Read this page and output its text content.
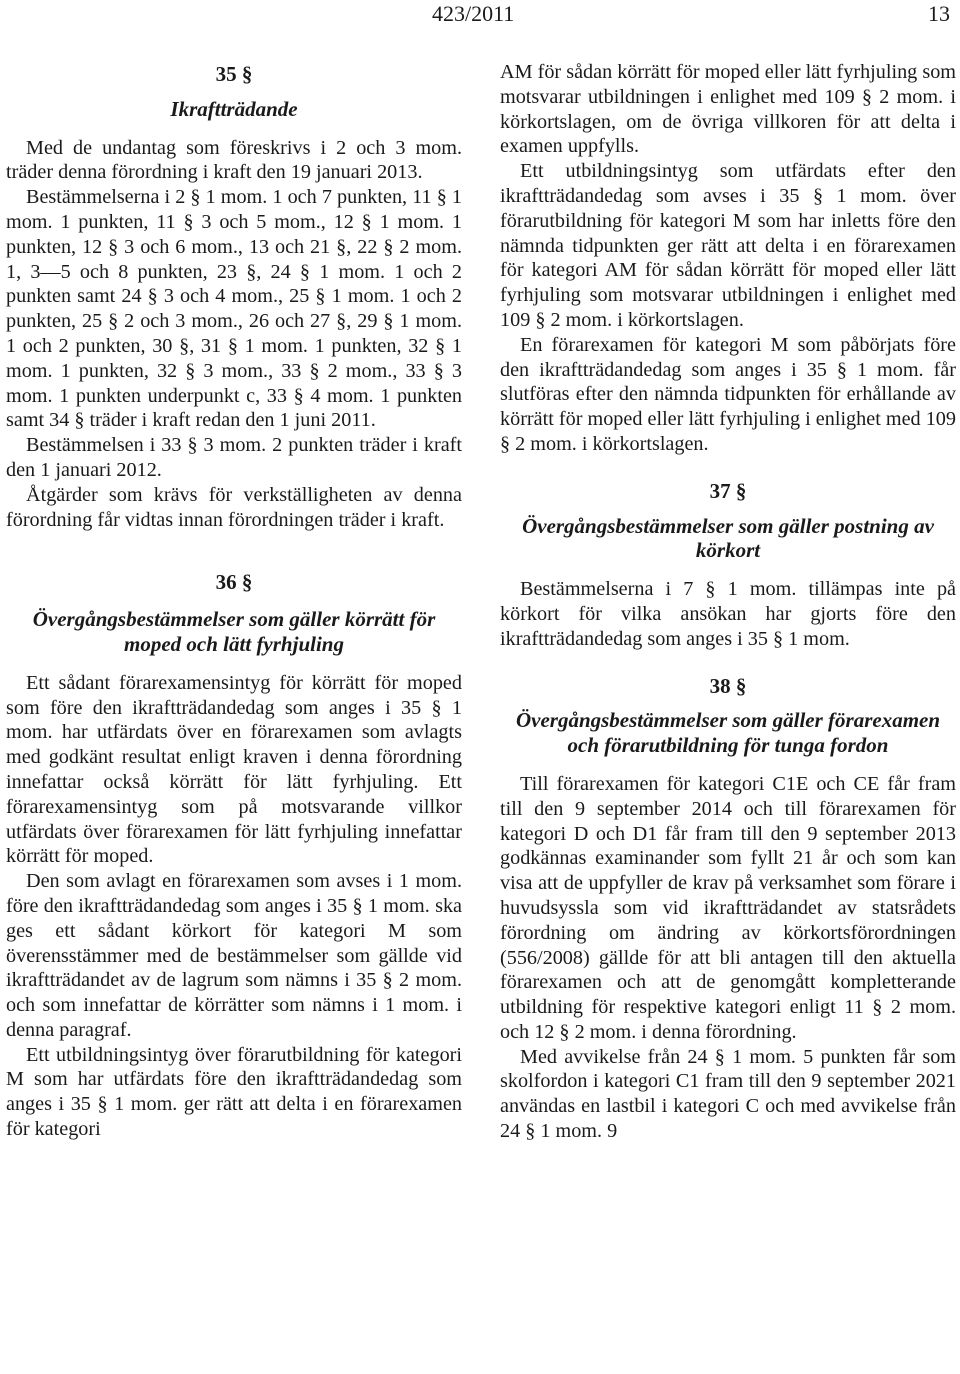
423/2011	13
35 §
Ikraftträdande

Med de undantag som föreskrivs i 2 och 3 mom. träder denna förordning i kraft den 19 januari 2013.

Bestämmelserna i 2 § 1 mom. 1 och 7 punkten, 11 § 1 mom. 1 punkten, 11 § 3 och 5 mom., 12 § 1 mom. 1 punkten, 12 § 3 och 6 mom., 13 och 21 §, 22 § 2 mom. 1, 3—5 och 8 punkten, 23 §, 24 § 1 mom. 1 och 2 punkten samt 24 § 3 och 4 mom., 25 § 1 mom. 1 och 2 punkten, 25 § 2 och 3 mom., 26 och 27 §, 29 § 1 mom. 1 och 2 punkten, 30 §, 31 § 1 mom. 1 punkten, 32 § 1 mom. 1 punkten, 32 § 3 mom., 33 § 2 mom., 33 § 3 mom. 1 punkten underpunkt c, 33 § 4 mom. 1 punkten samt 34 § träder i kraft redan den 1 juni 2011.

Bestämmelsen i 33 § 3 mom. 2 punkten träder i kraft den 1 januari 2012.

Åtgärder som krävs för verkställigheten av denna förordning får vidtas innan förordningen träder i kraft.

36 §
Övergångsbestämmelser som gäller körrätt för moped och lätt fyrhjuling

Ett sådant förarexamensintyg för körrätt för moped som före den ikraftträdandedag som anges i 35 § 1 mom. har utfärdats över en förarexamen som avlagts med godkänt resultat enligt kraven i denna förordning innefattar också körrätt för lätt fyrhjuling. Ett förarexamensintyg som på motsvarande villkor utfärdats över förarexamen för lätt fyrhjuling innefattar körrätt för moped.

Den som avlagt en förarexamen som avses i 1 mom. före den ikraftträdandedag som anges i 35 § 1 mom. ska ges ett sådant körkort för kategori M som överensstämmer med de bestämmelser som gällde vid ikraftträdandet av de lagrum som nämns i 35 § 2 mom. och som innefattar de körrätter som nämns i 1 mom. i denna paragraf.

Ett utbildningsintyg över förarutbildning för kategori M som har utfärdats före den ikraftträdandedag som anges i 35 § 1 mom. ger rätt att delta i en förarexamen för kategori

AM för sådan körrätt för moped eller lätt fyrhjuling som motsvarar utbildningen i enlighet med 109 § 2 mom. i körkortslagen, om de övriga villkoren för att delta i examen uppfylls.

Ett utbildningsintyg som utfärdats efter den ikraftträdandedag som avses i 35 § 1 mom. över förarutbildning för kategori M som har inletts före den nämnda tidpunkten ger rätt att delta i en förarexamen för kategori AM för sådan körrätt för moped eller lätt fyrhjuling som motsvarar utbildningen i enlighet med 109 § 2 mom. i körkortslagen.

En förarexamen för kategori M som påbörjats före den ikraftträdandedag som anges i 35 § 1 mom. får slutföras efter den nämnda tidpunkten för erhållande av körrätt för moped eller lätt fyrhjuling i enlighet med 109 § 2 mom. i körkortslagen.

37 §
Övergångsbestämmelser som gäller postning av körkort

Bestämmelserna i 7 § 1 mom. tillämpas inte på körkort för vilka ansökan har gjorts före den ikraftträdandedag som anges i 35 § 1 mom.

38 §
Övergångsbestämmelser som gäller förarexamen och förarutbildning för tunga fordon

Till förarexamen för kategori C1E och CE får fram till den 9 september 2014 och till förarexamen för kategori D och D1 får fram till den 9 september 2013 godkännas examinander som fyllt 21 år och som kan visa att de uppfyller de krav på verksamhet som förare i huvudsyssla som vid ikraftträdandet av statsrådets förordning om ändring av körkortsförordningen (556/2008) gällde för att bli antagen till den aktuella förarexamen och att de genomgått kompletterande utbildning för respektive kategori enligt 11 § 2 mom. och 12 § 2 mom. i denna förordning.

Med avvikelse från 24 § 1 mom. 5 punkten får som skolfordon i kategori C1 fram till den 9 september 2021 användas en lastbil i kategori C och med avvikelse från 24 § 1 mom. 9
